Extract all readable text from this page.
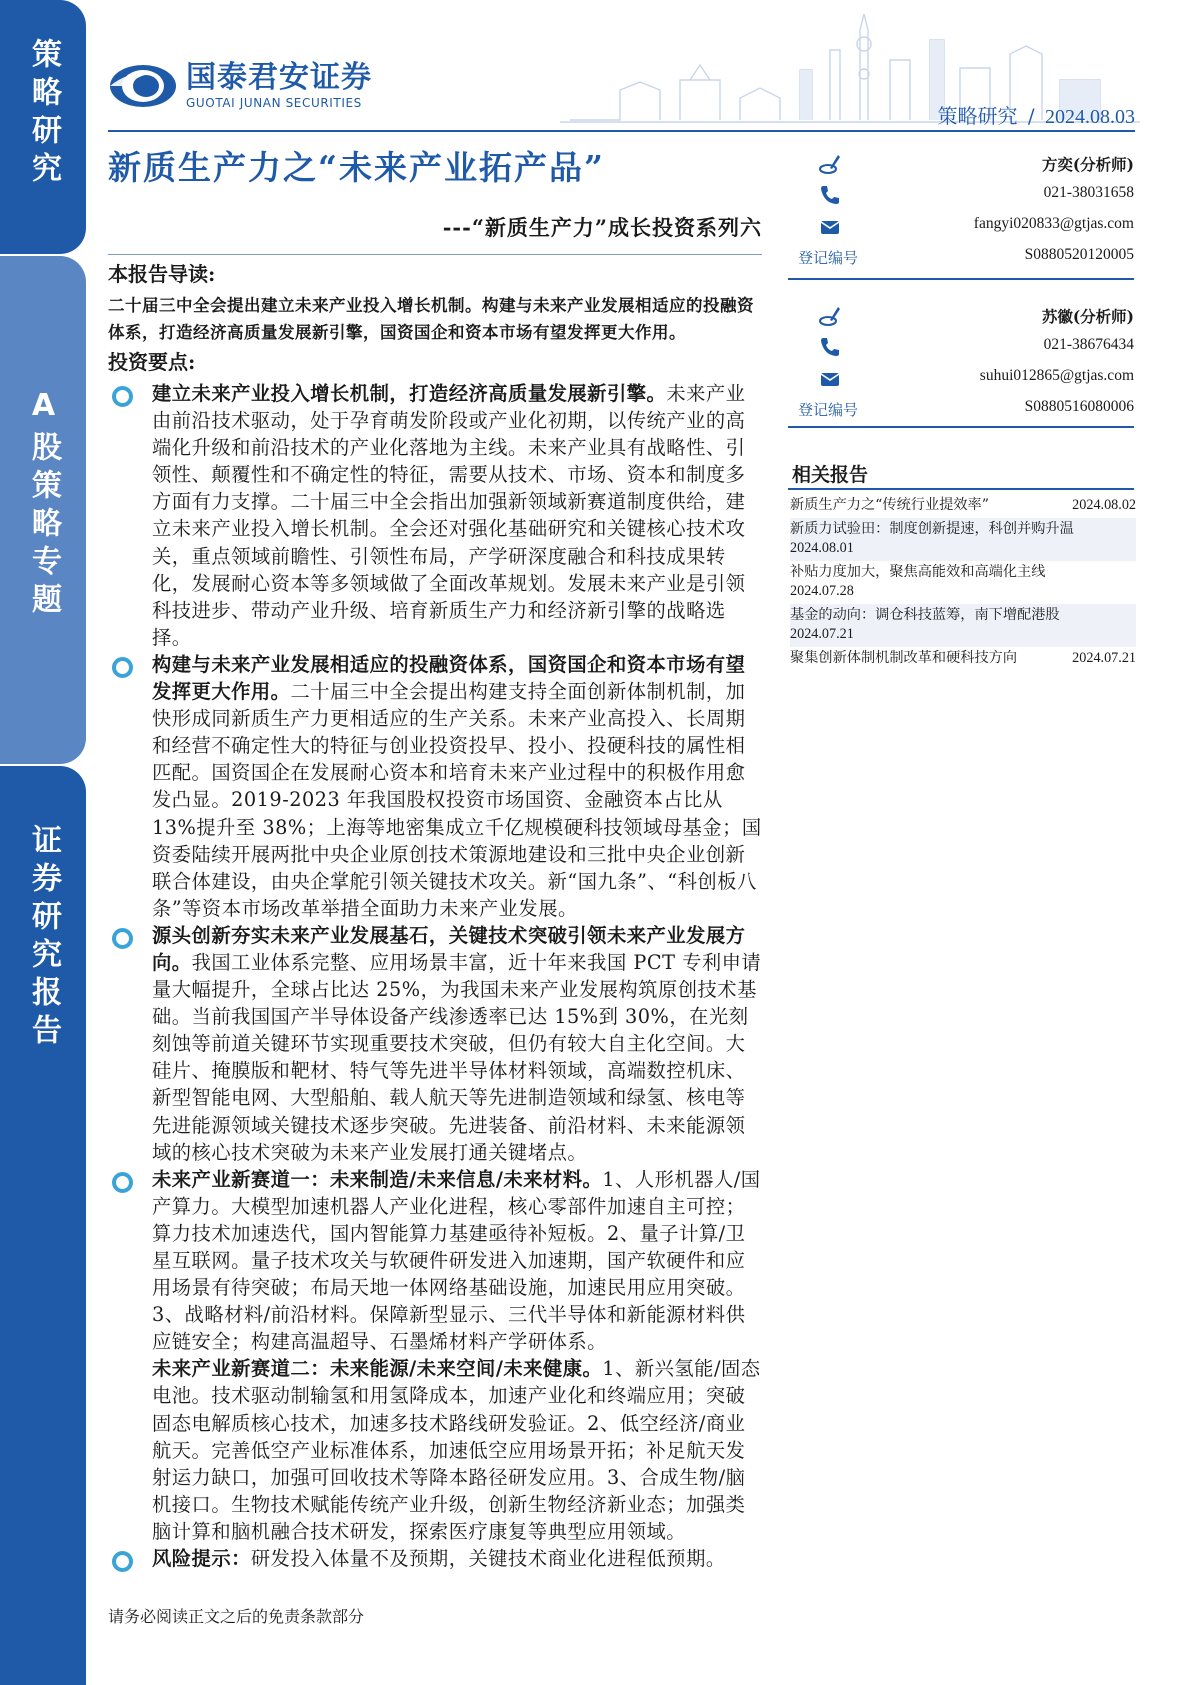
策略研究
A股策略专题
证券研究报告
国泰君安证券
GUOTAI JUNAN SECURITIES
策略研究 / 2024.08.03
新质生产力之“未来产业拓产品”
---“新质生产力”成长投资系列六
本报告导读:

二十届三中全会提出建立未来产业投入增长机制。构建与未来产业发展相适应的投融资体系，打造经济高质量发展新引擎，国资国企和资本市场有望发挥更大作用。

投资要点:
建立未来产业投入增长机制，打造经济高质量发展新引擎。未来产业由前沿技术驱动，处于孕育萌发阶段或产业化初期，以传统产业的高端化升级和前沿技术的产业化落地为主线。未来产业具有战略性、引领性、颠覆性和不确定性的特征，需要从技术、市场、资本和制度多方面有力支撑。二十届三中全会指出加强新领域新赛道制度供给，建立未来产业投入增长机制。全会还对强化基础研究和关键核心技术攻关，重点领域前瞻性、引领性布局，产学研深度融合和科技成果转化，发展耐心资本等多领域做了全面改革规划。发展未来产业是引领科技进步、带动产业升级、培育新质生产力和经济新引擎的战略选择。
构建与未来产业发展相适应的投融资体系，国资国企和资本市场有望发挥更大作用。二十届三中全会提出构建支持全面创新体制机制，加快形成同新质生产力更相适应的生产关系。未来产业高投入、长周期和经营不确定性大的特征与创业投资投早、投小、投硬科技的属性相匹配。国资国企在发展耐心资本和培育未来产业过程中的积极作用愈发凸显。2019-2023 年我国股权投资市场国资、金融资本占比从 13%提升至 38%；上海等地密集成立千亿规模硬科技领域母基金；国资委陆续开展两批中央企业原创技术策源地建设和三批中央企业创新联合体建设，由央企掌舵引领关键技术攻关。新“国九条”、“科创板八条”等资本市场改革举措全面助力未来产业发展。
源头创新夯实未来产业发展基石，关键技术突破引领未来产业发展方向。我国工业体系完整、应用场景丰富，近十年来我国 PCT 专利申请量大幅提升，全球占比达 25%，为我国未来产业发展构筑原创技术基础。当前我国国产半导体设备产线渗透率已达 15%到 30%，在光刻刻蚀等前道关键环节实现重要技术突破，但仍有较大自主化空间。大硅片、掩膜版和靶材、特气等先进半导体材料领域，高端数控机床、新型智能电网、大型船舶、载人航天等先进制造领域和绿氢、核电等先进能源领域关键技术逐步突破。先进装备、前沿材料、未来能源领域的核心技术突破为未来产业发展打通关键堵点。
未来产业新赛道一：未来制造/未来信息/未来材料。1、人形机器人/国产算力。大模型加速机器人产业化进程，核心零部件加速自主可控；算力技术加速迭代，国内智能算力基建亟待补短板。2、量子计算/卫星互联网。量子技术攻关与软硬件研发进入加速期，国产软硬件和应用场景有待突破；布局天地一体网络基础设施，加速民用应用突破。3、战略材料/前沿材料。保障新型显示、三代半导体和新能源材料供应链安全；构建高温超导、石墨烯材料产学研体系。
未来产业新赛道二：未来能源/未来空间/未来健康。1、新兴氢能/固态电池。技术驱动制输氢和用氢降成本，加速产业化和终端应用；突破固态电解质核心技术，加速多技术路线研发验证。2、低空经济/商业航天。完善低空产业标准体系，加速低空应用场景开拓；补足航天发射运力缺口，加强可回收技术等降本路径研发应用。3、合成生物/脑机接口。生物技术赋能传统产业升级，创新生物经济新业态；加强类脑计算和脑机融合技术研发，探索医疗康复等典型应用领域。
风险提示：研发投入体量不及预期，关键技术商业化进程低预期。
方奕(分析师)
021-38031658
fangyi020833@gtjas.com
登记编号	S0880520120005
苏徽(分析师)
021-38676434
suhui012865@gtjas.com
登记编号	S0880516080006
相关报告
新质生产力之“传统行业提效率”	2024.08.02
新质力试验田：制度创新提速，科创并购升温
2024.08.01
补贴力度加大，聚焦高能效和高端化主线
2024.07.28
基金的动向：调仓科技蓝筹，南下增配港股
2024.07.21
聚集创新体制机制改革和硬科技方向	2024.07.21
请务必阅读正文之后的免责条款部分
